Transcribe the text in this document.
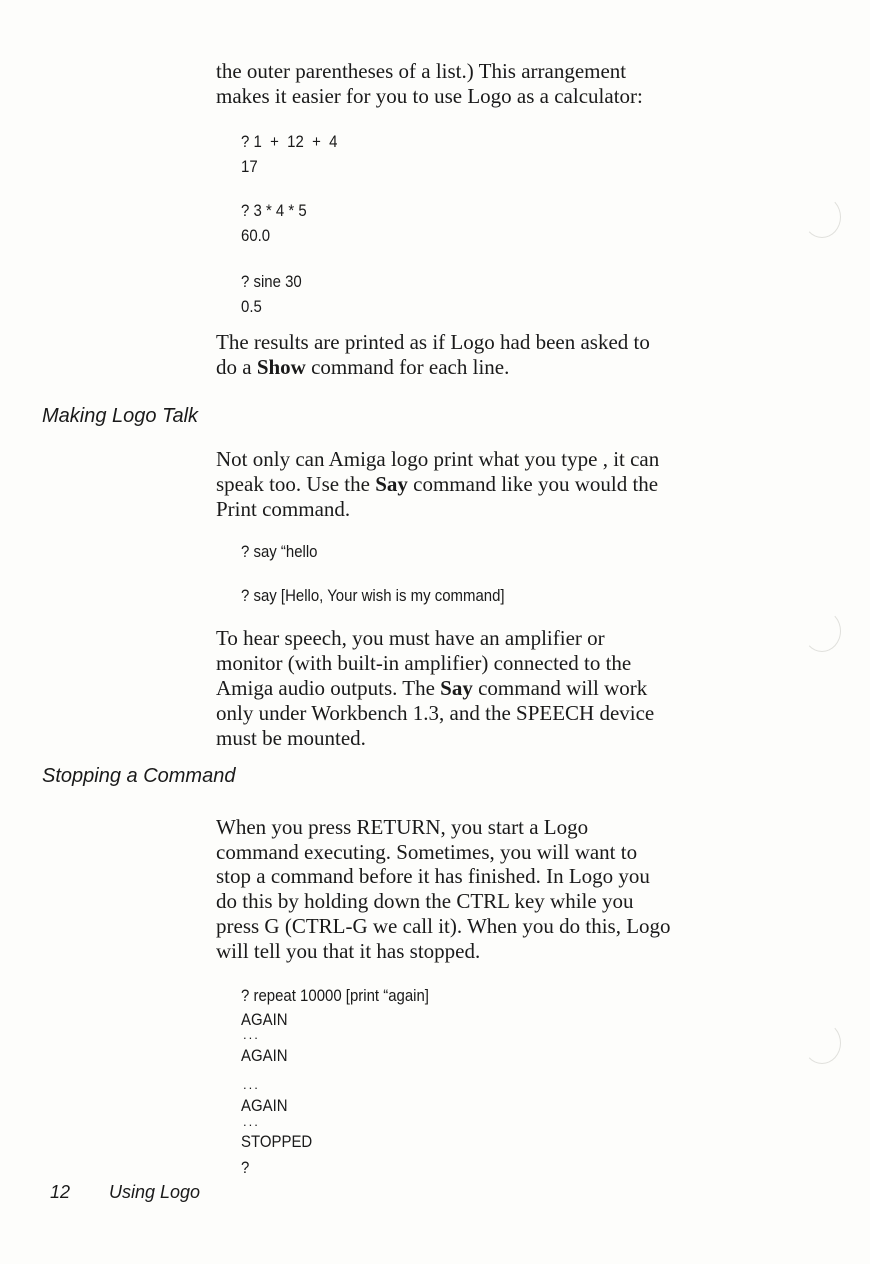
the outer parentheses of a list.) This arrangement

makes it easier for you to use Logo as a calculator:

? 1  +  12  +  4
17
? 3 * 4 * 5
60.0
? sine 30
0.5

The results are printed as if Logo had been asked to

do a Show command for each line.

Making Logo Talk

Not only can Amiga logo print what you type , it can

speak too. Use the Say command like you would the

Print command.

? say “hello
? say [Hello, Your wish is my command]

To hear speech, you must have an amplifier or

monitor (with built-in amplifier) connected to the

Amiga audio outputs. The Say command will work

only under Workbench 1.3, and the SPEECH device

must be mounted.

Stopping a Command

When you press RETURN, you start a Logo

command executing. Sometimes, you will want to

stop a command before it has finished. In Logo you

do this by holding down the CTRL key while you

press G (CTRL-G we call it). When you do this, Logo

will tell you that it has stopped.

? repeat 10000 [print “again]
AGAIN
...
AGAIN
...
AGAIN
...
STOPPED
?
12 Using Logo
